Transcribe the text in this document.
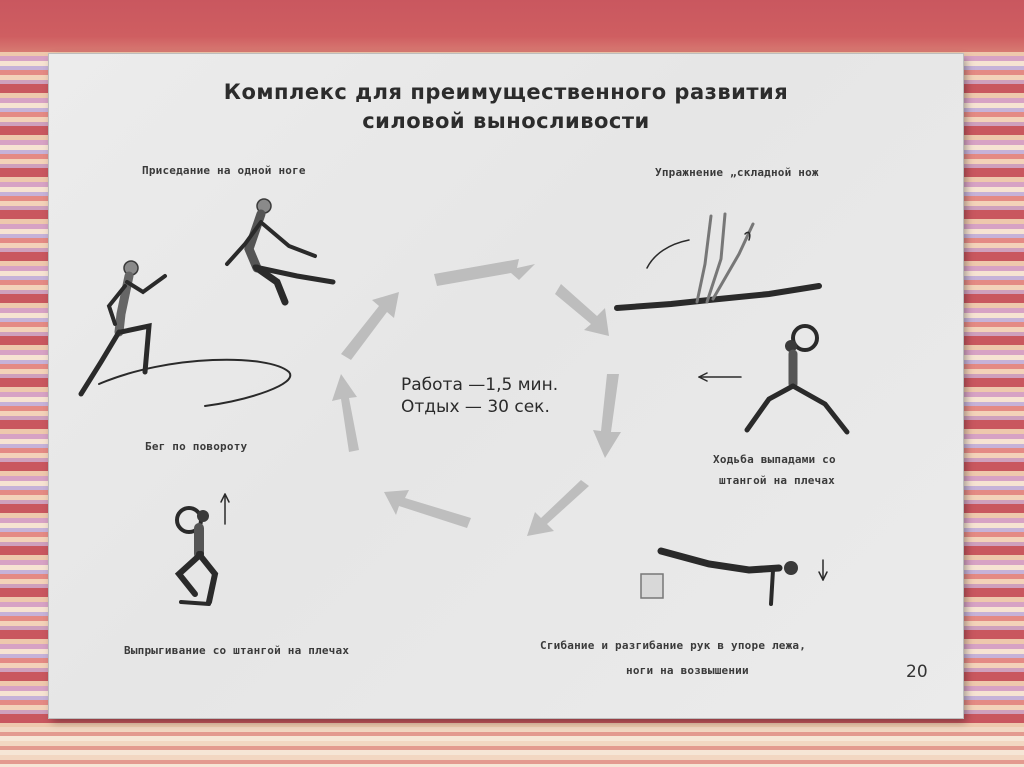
Комплекс для преимущественного развития
силовой выносливости
Приседание на одной ноге	Упражнение „складной нож
Бег по повороту
Ходьба выпадами со
штангой на плечах
Выпрыгивание со штангой на плечах	Сгибание и разгибание рук в упоре лежа,
ноги на возвышении
Работа —1,5 мин.
Отдых — 30 сек.
20
